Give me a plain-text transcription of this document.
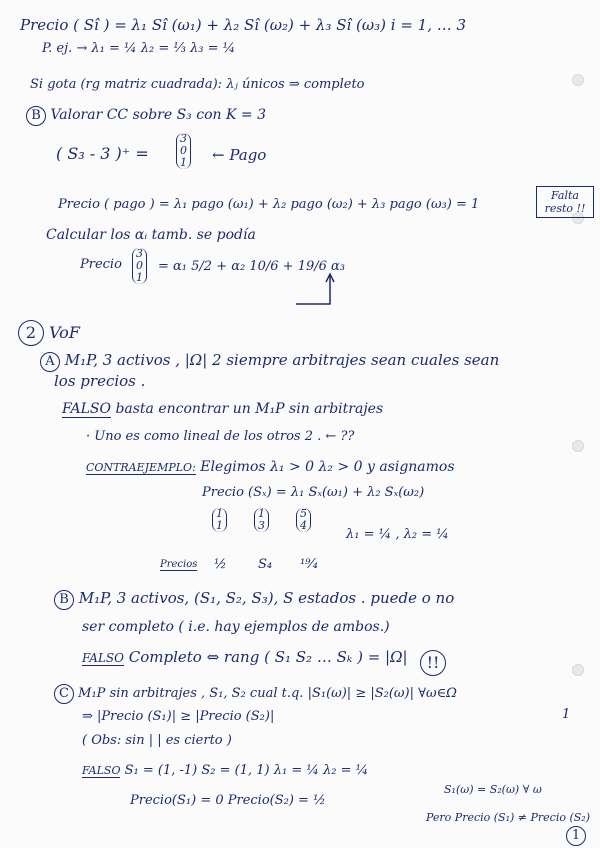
Precio ( Sî ) = λ₁ Sî (ω₁) + λ₂ Sî (ω₂) + λ₃ Sî (ω₃) i = 1, … 3
P. ej. → λ₁ = ¼ λ₂ = ⅓ λ₃ = ¼
Si gota (rg matriz cuadrada): λⱼ únicos ⇒ completo
B Valorar CC sobre S₃ con K = 3
( S₃ - 3 )⁺ =
3
0
1 ← Pago
Precio ( pago ) = λ₁ pago (ω₁) + λ₂ pago (ω₂) + λ₃ pago (ω₃) = 1
Falta resto !!
Calcular los αᵢ tamb. se podía
Precio
3
0
1
= α₁ 5/2 + α₂ 10/6 + 19/6 α₃
2 VoF
A M₁P, 3 activos , |Ω| 2 siempre arbitrajes sean cuales sean
los precios .
FALSO basta encontrar un M₁P sin arbitrajes
· Uno es como lineal de los otros 2 . ← ??
CONTRAEJEMPLO: Elegimos λ₁ > 0 λ₂ > 0 y asignamos
Precio (Sₓ) = λ₁ Sₓ(ω₁) + λ₂ Sₓ(ω₂)
1
1
1
3
5
4
λ₁ = ¼ , λ₂ = ¼
Precios ½ S₄ ¹⁹⁄₄
B M₁P, 3 activos, (S₁, S₂, S₃), S estados . puede o no
ser completo ( i.e. hay ejemplos de ambos.)
FALSO Completo ⇔ rang ( S₁ S₂ … Sₖ ) = |Ω|	!!
C M₁P sin arbitrajes , S₁, S₂ cual t.q. |S₁(ω)| ≥ |S₂(ω)| ∀ω∈Ω
⇒ |Precio (S₁)| ≥ |Precio (S₂)|	1
( Obs: sin | | es cierto )
FALSO S₁ = (1, -1) S₂ = (1, 1) λ₁ = ¼ λ₂ = ¼
Precio(S₁) = 0 Precio(S₂) = ½
S₁(ω) = S₂(ω) ∀ ω
Pero Precio (S₁) ≠ Precio (S₂)
1
